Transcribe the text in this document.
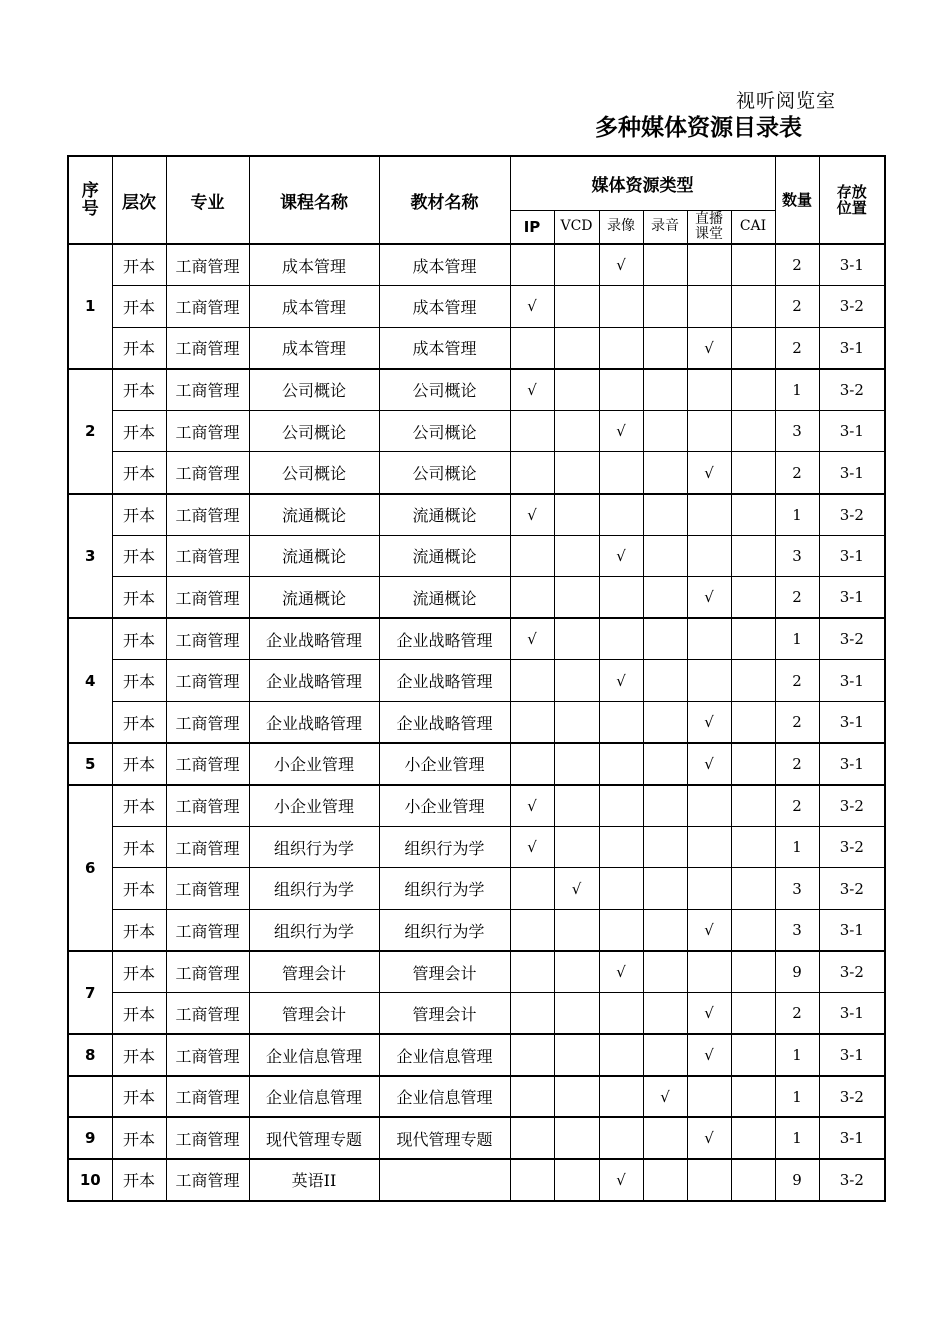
视听阅览室
多种媒体资源目录表
序
号	层次	专业	课程名称	教材名称	媒体资源类型						数量	存放
位置
					IP	VCD	录像	录音	直播
课堂	CAI		
1	开本	工商管理	成本管理	成本管理			√				2	3-1
	开本	工商管理	成本管理	成本管理	√						2	3-2
	开本	工商管理	成本管理	成本管理					√		2	3-1
2	开本	工商管理	公司概论	公司概论	√						1	3-2
	开本	工商管理	公司概论	公司概论			√				3	3-1
	开本	工商管理	公司概论	公司概论					√		2	3-1
3	开本	工商管理	流通概论	流通概论	√						1	3-2
	开本	工商管理	流通概论	流通概论			√				3	3-1
	开本	工商管理	流通概论	流通概论					√		2	3-1
4	开本	工商管理	企业战略管理	企业战略管理	√						1	3-2
	开本	工商管理	企业战略管理	企业战略管理			√				2	3-1
	开本	工商管理	企业战略管理	企业战略管理					√		2	3-1
5	开本	工商管理	小企业管理	小企业管理					√		2	3-1
6	开本	工商管理	小企业管理	小企业管理	√						2	3-2
	开本	工商管理	组织行为学	组织行为学	√						1	3-2
	开本	工商管理	组织行为学	组织行为学		√					3	3-2
	开本	工商管理	组织行为学	组织行为学					√		3	3-1
7	开本	工商管理	管理会计	管理会计			√				9	3-2
	开本	工商管理	管理会计	管理会计					√		2	3-1
8	开本	工商管理	企业信息管理	企业信息管理					√		1	3-1
	开本	工商管理	企业信息管理	企业信息管理				√			1	3-2
9	开本	工商管理	现代管理专题	现代管理专题					√		1	3-1
10	开本	工商管理	英语II				√				9	3-2
